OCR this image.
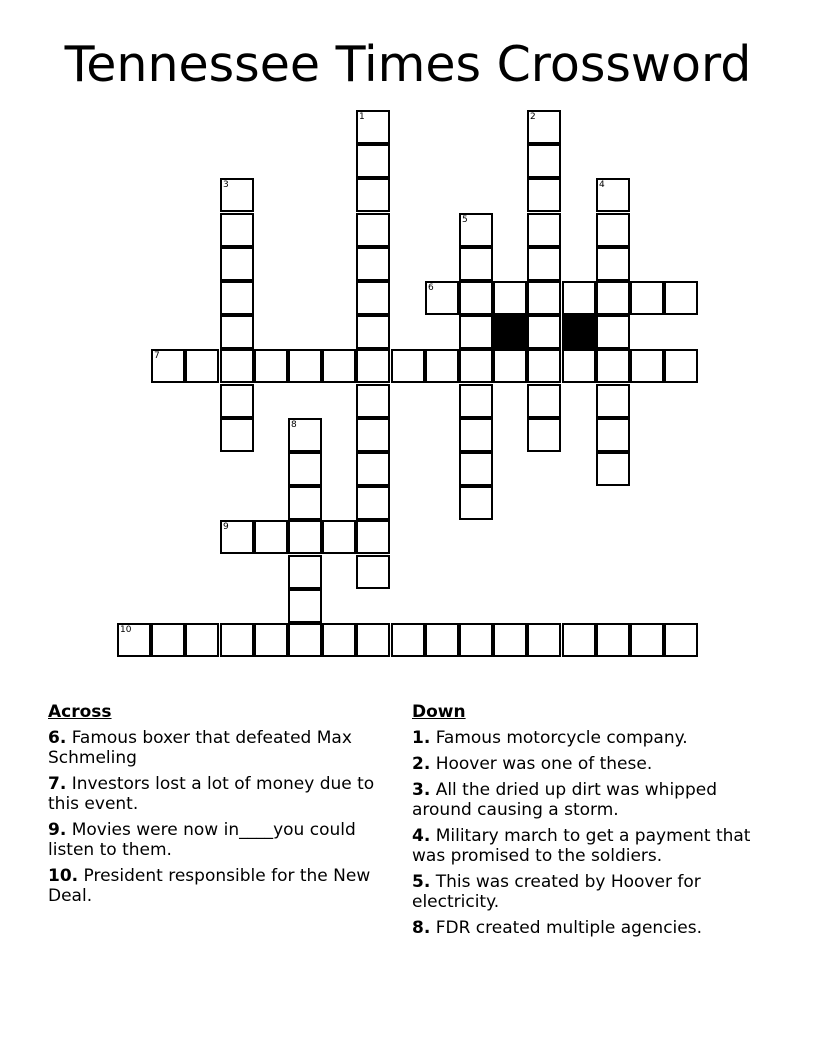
Tennessee Times Crossword
1	2
3	4
5
6
7
8
9
10
Across
6. Famous boxer that defeated Max Schmeling
7. Investors lost a lot of money due to this event.
9. Movies were now in____you could listen to them.
10. President responsible for the New Deal.
Down
1. Famous motorcycle company.
2. Hoover was one of these.
3. All the dried up dirt was whipped around causing a storm.
4. Military march to get a payment that was promised to the soldiers.
5. This was created by Hoover for electricity.
8. FDR created multiple agencies.
